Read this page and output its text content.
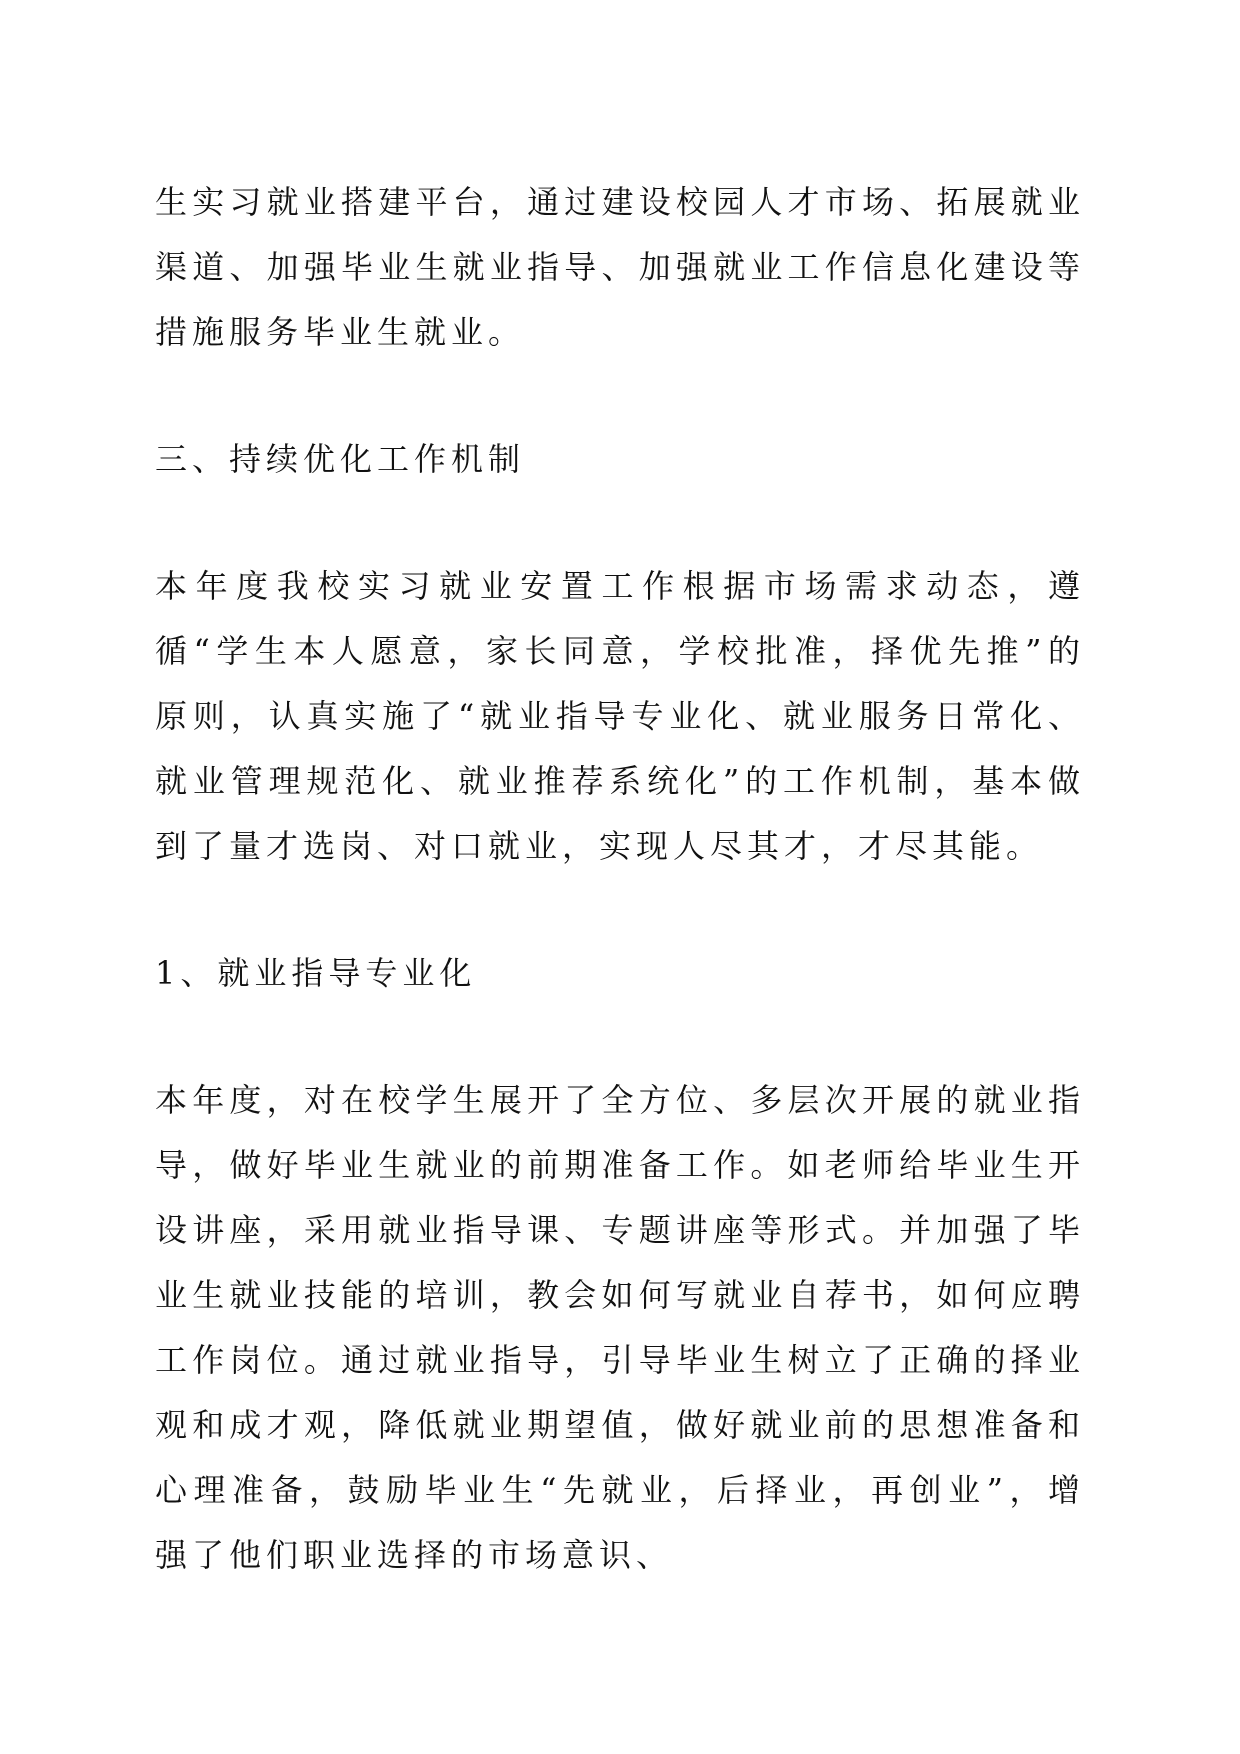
生实习就业搭建平台，通过建设校园人才市场、拓展就业渠道、加强毕业生就业指导、加强就业工作信息化建设等措施服务毕业生就业。

三、持续优化工作机制

本年度我校实习就业安置工作根据市场需求动态，遵循“学生本人愿意，家长同意，学校批准，择优先推”的原则，认真实施了“就业指导专业化、就业服务日常化、就业管理规范化、就业推荐系统化”的工作机制，基本做到了量才选岗、对口就业，实现人尽其才，才尽其能。

1、就业指导专业化

本年度，对在校学生展开了全方位、多层次开展的就业指导，做好毕业生就业的前期准备工作。如老师给毕业生开设讲座，采用就业指导课、专题讲座等形式。并加强了毕业生就业技能的培训，教会如何写就业自荐书，如何应聘工作岗位。通过就业指导，引导毕业生树立了正确的择业观和成才观，降低就业期望值，做好就业前的思想准备和心理准备，鼓励毕业生“先就业，后择业，再创业”，增强了他们职业选择的市场意识、
